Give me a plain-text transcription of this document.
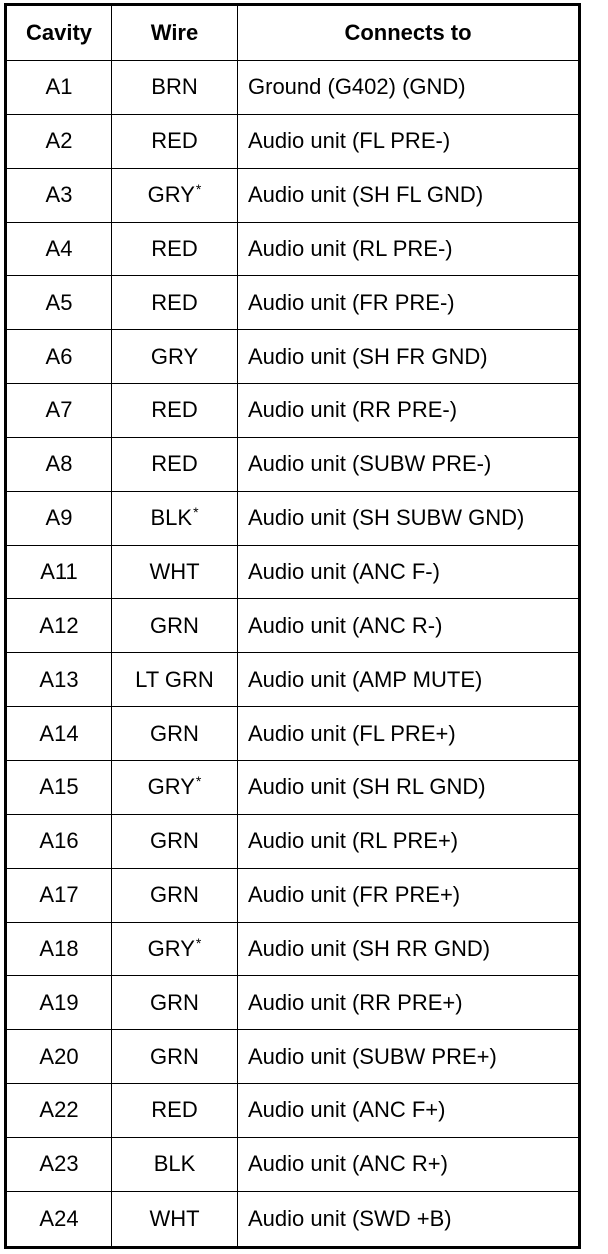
Cavity	Wire	Connects to
A1	BRN	Ground (G402) (GND)
A2	RED	Audio unit (FL PRE-)
A3	GRY*	Audio unit (SH FL GND)
A4	RED	Audio unit (RL PRE-)
A5	RED	Audio unit (FR PRE-)
A6	GRY	Audio unit (SH FR GND)
A7	RED	Audio unit (RR PRE-)
A8	RED	Audio unit (SUBW PRE-)
A9	BLK*	Audio unit (SH SUBW GND)
A11	WHT	Audio unit (ANC F-)
A12	GRN	Audio unit (ANC R-)
A13	LT GRN	Audio unit (AMP MUTE)
A14	GRN	Audio unit (FL PRE+)
A15	GRY*	Audio unit (SH RL GND)
A16	GRN	Audio unit (RL PRE+)
A17	GRN	Audio unit (FR PRE+)
A18	GRY*	Audio unit (SH RR GND)
A19	GRN	Audio unit (RR PRE+)
A20	GRN	Audio unit (SUBW PRE+)
A22	RED	Audio unit (ANC F+)
A23	BLK	Audio unit (ANC R+)
A24	WHT	Audio unit (SWD +B)
